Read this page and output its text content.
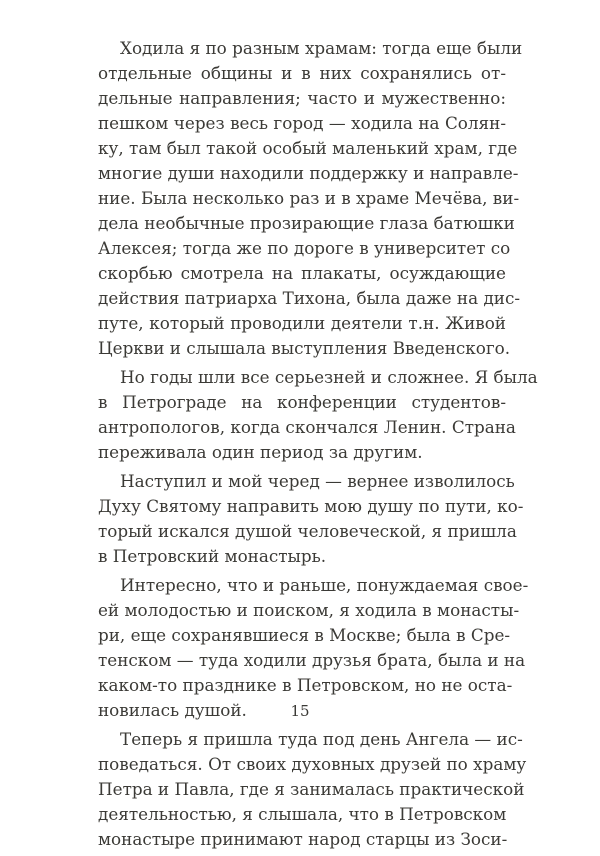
Ходила я по разным храмам: тогда еще были
отдельные общины и в них сохранялись от-
дельные направления; часто и мужественно:
пешком через весь город — ходила на Солян-
ку, там был такой особый маленький храм, где
многие души находили поддержку и направле-
ние. Была несколько раз и в храме Мечёва, ви-
дела необычные прозирающие глаза батюшки
Алексея; тогда же по дороге в университет со
скорбью смотрела на плакаты, осуждающие
действия патриарха Тихона, была даже на дис-
путе, который проводили деятели т.н. Живой
Церкви и слышала выступления Введенского.
Но годы шли все серьезней и сложнее. Я была
в Петрограде на конференции студентов-
антропологов, когда скончался Ленин. Страна
переживала один период за другим.
Наступил и мой черед — вернее изволилось
Духу Святому направить мою душу по пути, ко-
торый искался душой человеческой, я пришла
в Петровский монастырь.
Интересно, что и раньше, понуждаемая свое-
ей молодостью и поиском, я ходила в монасты-
ри, еще сохранявшиеся в Москве; была в Сре-
тенском — туда ходили друзья брата, была и на
каком-то празднике в Петровском, но не оста-
новилась душой.
Теперь я пришла туда под день Ангела — ис-
поведаться. От своих духовных друзей по храму
Петра и Павла, где я занималась практической
деятельностью, я слышала, что в Петровском
монастыре принимают народ старцы из Зоси-
15
